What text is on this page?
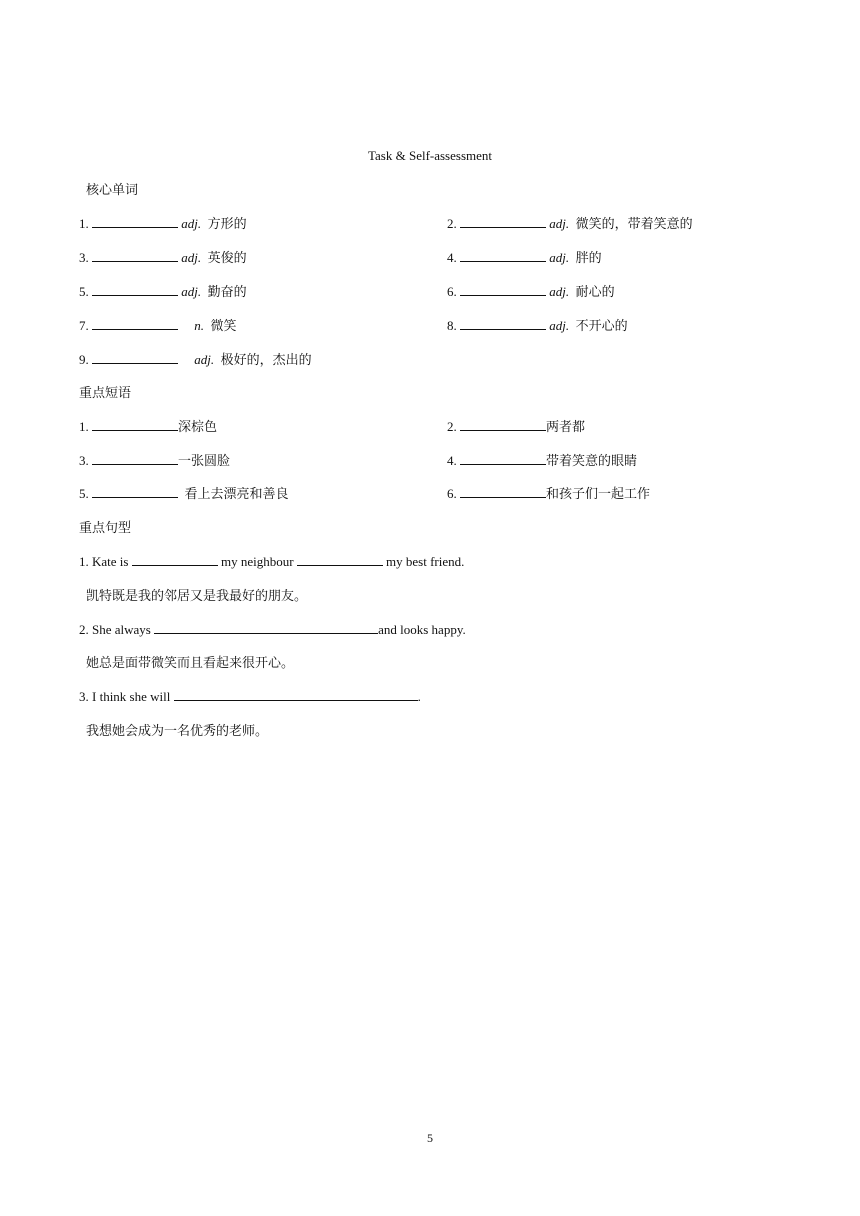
Task & Self-assessment
核心单词
1.	adj. 方形的	2.	adj. 微笑的，带着笑意的
3.	adj. 英俊的	4.	adj. 胖的
5.	adj. 勤奋的	6.	adj. 耐心的
7.	n. 微笑	8.	adj. 不开心的
9.	adj. 极好的，杰出的
重点短语
1.	深棕色	2.	两者都
3.	一张圆脸	4.	带着笑意的眼睛
5.	看上去漂亮和善良	6.	和孩子们一起工作
重点句型
1. Kate is	my neighbour	my best friend.
凯特既是我的邻居又是我最好的朋友。
2. She always	and looks happy.
她总是面带微笑而且看起来很开心。
3. I think she will	.
我想她会成为一名优秀的老师。
5
